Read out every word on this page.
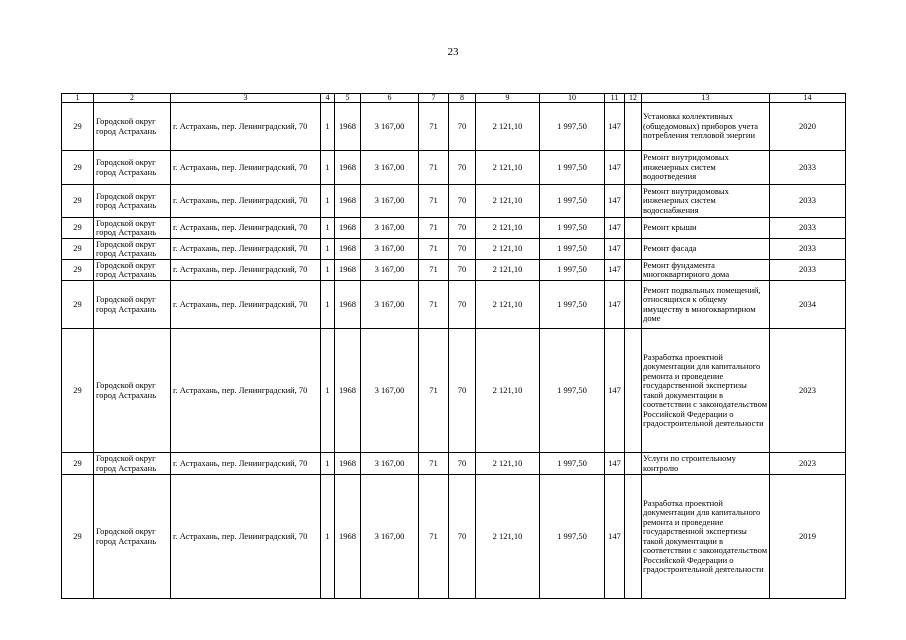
23
1	2	3	4	5	6	7	8	9	10	11	12	13	14
29	Городской округ город Астрахань	г. Астрахань, пер. Ленинградский, 70	1	1968	3 167,00	71	70	2 121,10	1 997,50	147		Установка коллективных (общедомовых) приборов учета потребления тепловой энергии	2020
29	Городской округ город Астрахань	г. Астрахань, пер. Ленинградский, 70	1	1968	3 167,00	71	70	2 121,10	1 997,50	147		Ремонт внутридомовых инженерных систем водоотведения	2033
29	Городской округ город Астрахань	г. Астрахань, пер. Ленинградский, 70	1	1968	3 167,00	71	70	2 121,10	1 997,50	147		Ремонт внутридомовых инженерных систем водоснабжения	2033
29	Городской округ город Астрахань	г. Астрахань, пер. Ленинградский, 70	1	1968	3 167,00	71	70	2 121,10	1 997,50	147		Ремонт крыши	2033
29	Городской округ город Астрахань	г. Астрахань, пер. Ленинградский, 70	1	1968	3 167,00	71	70	2 121,10	1 997,50	147		Ремонт фасада	2033
29	Городской округ город Астрахань	г. Астрахань, пер. Ленинградский, 70	1	1968	3 167,00	71	70	2 121,10	1 997,50	147		Ремонт фундамента многоквартирного дома	2033
29	Городской округ город Астрахань	г. Астрахань, пер. Ленинградский, 70	1	1968	3 167,00	71	70	2 121,10	1 997,50	147		Ремонт подвальных помещений, относящихся к общему имуществу в многоквартирном доме	2034
29	Городской округ город Астрахань	г. Астрахань, пер. Ленинградский, 70	1	1968	3 167,00	71	70	2 121,10	1 997,50	147		Разработка проектной документации для капитального ремонта и проведение государственной экспертизы такой документации в соответствии с законодательством Российской Федерации о градостроительной деятельности	2023
29	Городской округ город Астрахань	г. Астрахань, пер. Ленинградский, 70	1	1968	3 167,00	71	70	2 121,10	1 997,50	147		Услуги по строительному контролю	2023
29	Городской округ город Астрахань	г. Астрахань, пер. Ленинградский, 70	1	1968	3 167,00	71	70	2 121,10	1 997,50	147		Разработка проектной документации для капитального ремонта и проведение государственной экспертизы такой документации в соответствии с законодательством Российской Федерации о градостроительной деятельности	2019
